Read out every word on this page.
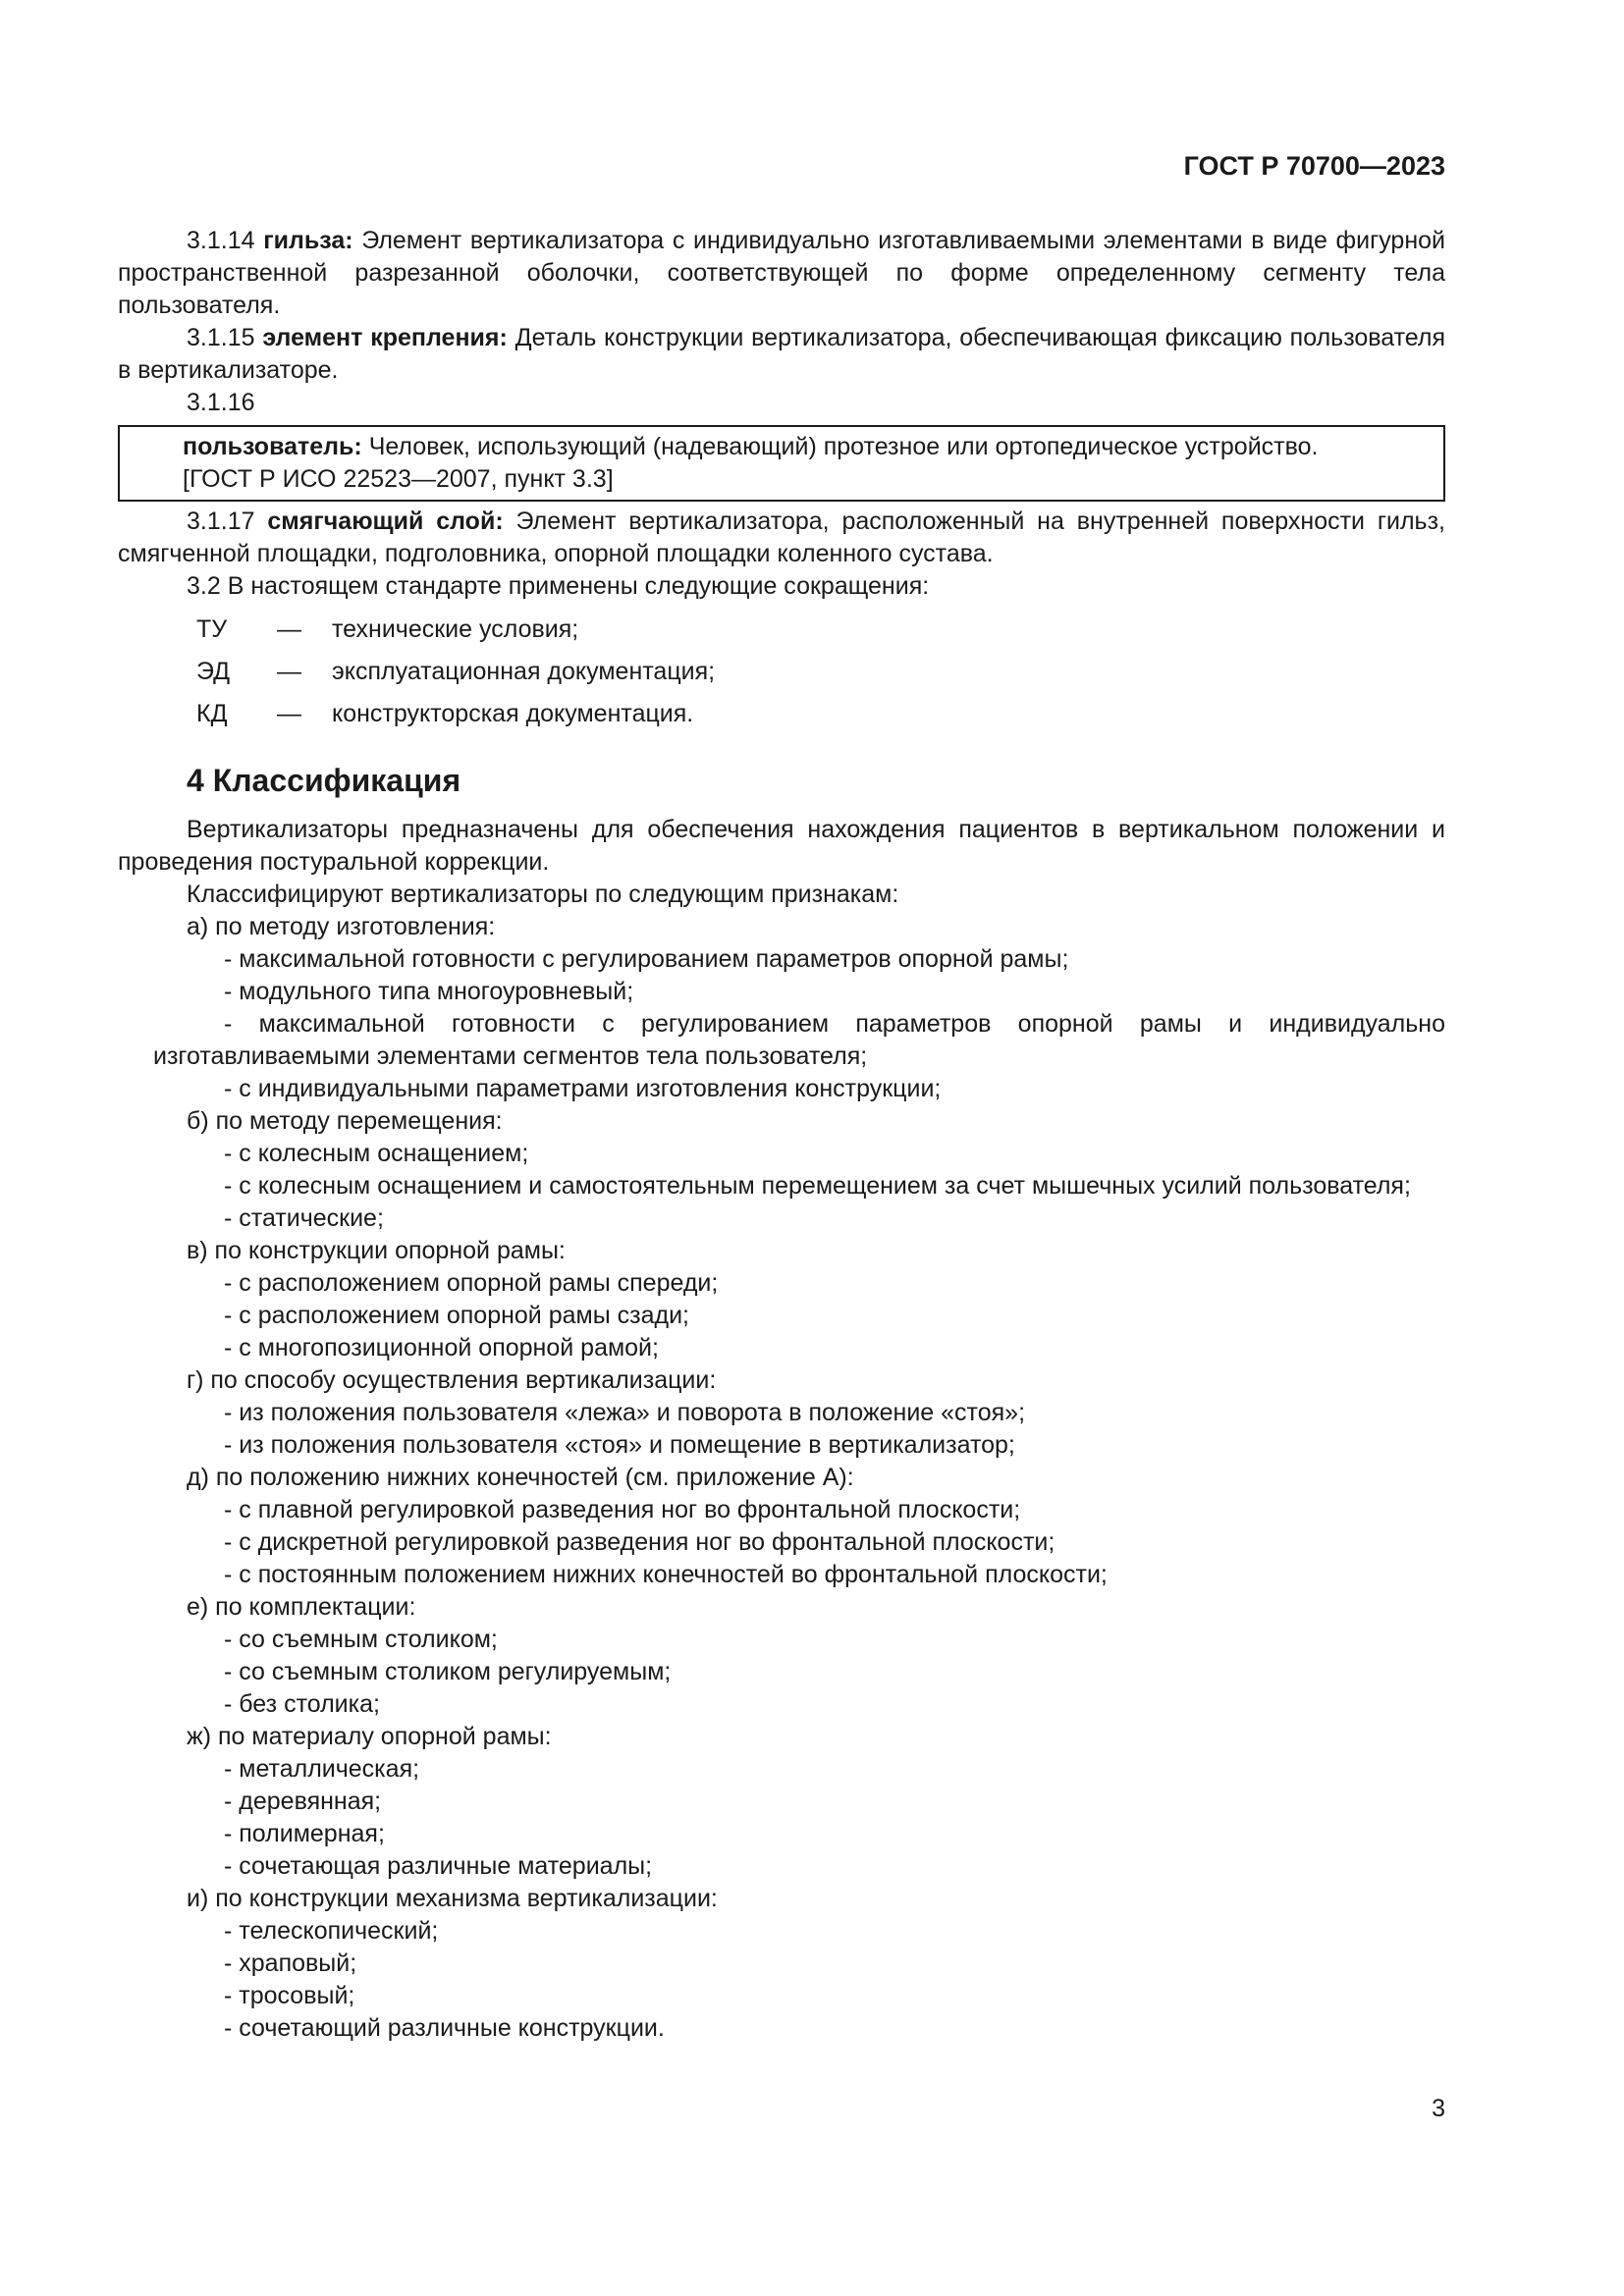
ГОСТ Р 70700—2023

3.1.14 гильза: Элемент вертикализатора с индивидуально изготавливаемыми элементами в виде фигурной пространственной разрезанной оболочки, соответствующей по форме определенному сегменту тела пользователя.

3.1.15 элемент крепления: Деталь конструкции вертикализатора, обеспечивающая фиксацию пользователя в вертикализаторе.

3.1.16

пользователь: Человек, использующий (надевающий) протезное или ортопедическое устройство.

[ГОСТ Р ИСО 22523—2007, пункт 3.3]

3.1.17 смягчающий слой: Элемент вертикализатора, расположенный на внутренней поверхности гильз, смягченной площадки, подголовника, опорной площадки коленного сустава.

3.2 В настоящем стандарте применены следующие сокращения:

ТУ	—	технические условия;
ЭД	—	эксплуатационная документация;
КД	—	конструкторская документация.
4 Классификация

Вертикализаторы предназначены для обеспечения нахождения пациентов в вертикальном положении и проведения постуральной коррекции.

Классифицируют вертикализаторы по следующим признакам:

а) по методу изготовления:

- максимальной готовности с регулированием параметров опорной рамы;

- модульного типа многоуровневый;

- максимальной готовности с регулированием параметров опорной рамы и индивидуально изготавливаемыми элементами сегментов тела пользователя;

- с индивидуальными параметрами изготовления конструкции;

б) по методу перемещения:

- с колесным оснащением;

- с колесным оснащением и самостоятельным перемещением за счет мышечных усилий пользователя;

- статические;

в) по конструкции опорной рамы:

- с расположением опорной рамы спереди;

- с расположением опорной рамы сзади;

- с многопозиционной опорной рамой;

г) по способу осуществления вертикализации:

- из положения пользователя «лежа» и поворота в положение «стоя»;

- из положения пользователя «стоя» и помещение в вертикализатор;

д) по положению нижних конечностей (см. приложение А):

- с плавной регулировкой разведения ног во фронтальной плоскости;

- с дискретной регулировкой разведения ног во фронтальной плоскости;

- с постоянным положением нижних конечностей во фронтальной плоскости;

е) по комплектации:

- со съемным столиком;

- со съемным столиком регулируемым;

- без столика;

ж) по материалу опорной рамы:

- металлическая;

- деревянная;

- полимерная;

- сочетающая различные материалы;

и) по конструкции механизма вертикализации:

- телескопический;

- храповый;

- тросовый;

- сочетающий различные конструкции.

3
